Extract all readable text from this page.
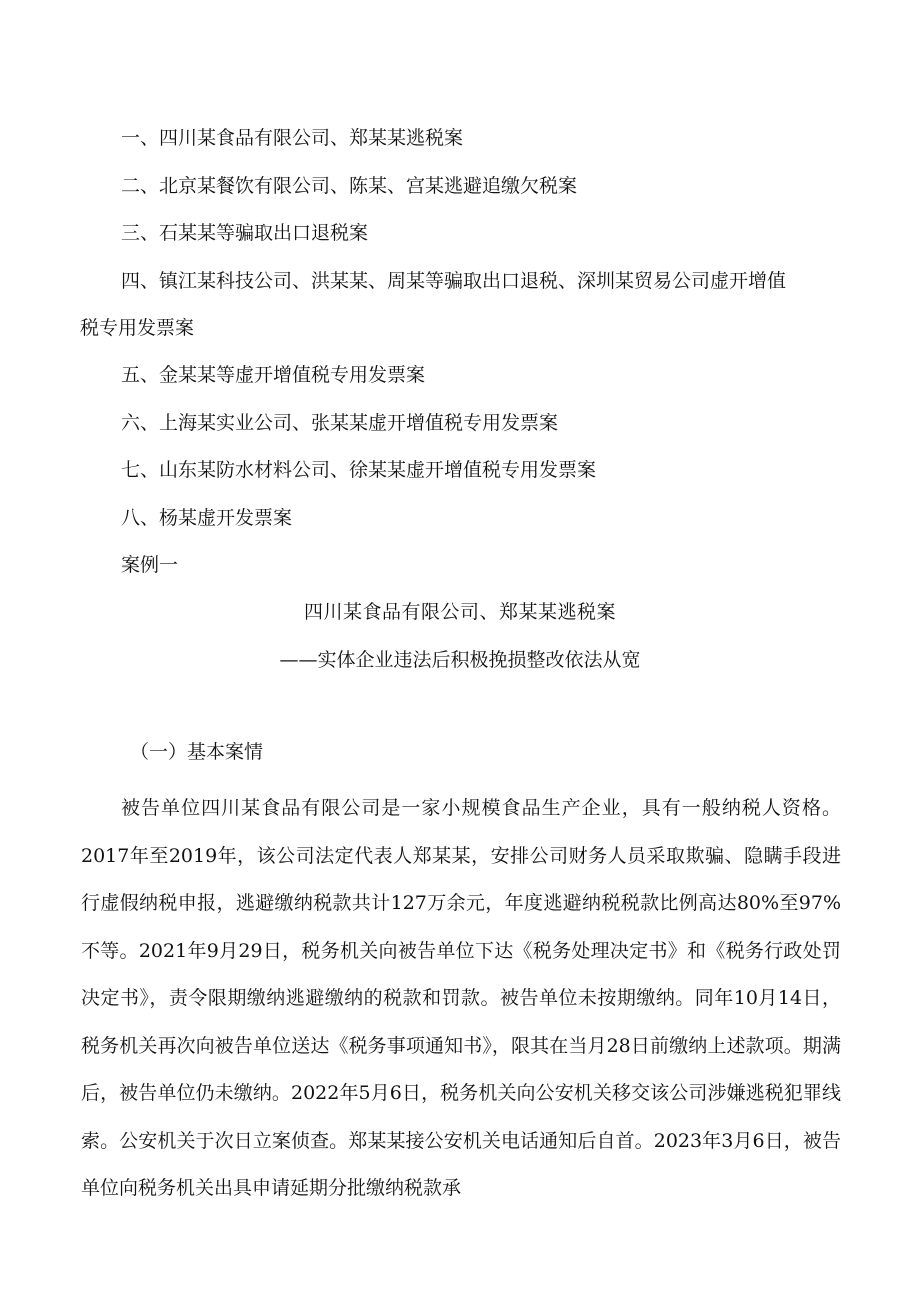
一、四川某食品有限公司、郑某某逃税案
二、北京某餐饮有限公司、陈某、宫某逃避追缴欠税案
三、石某某等骗取出口退税案
四、镇江某科技公司、洪某某、周某等骗取出口退税、深圳某贸易公司虚开增值
税专用发票案
五、金某某等虚开增值税专用发票案
六、上海某实业公司、张某某虚开增值税专用发票案
七、山东某防水材料公司、徐某某虚开增值税专用发票案
八、杨某虚开发票案
案例一
四川某食品有限公司、郑某某逃税案
——实体企业违法后积极挽损整改依法从宽
（一）基本案情

被告单位四川某食品有限公司是一家小规模食品生产企业，具有一般纳税人资格。2017年至2019年，该公司法定代表人郑某某，安排公司财务人员采取欺骗、隐瞒手段进行虚假纳税申报，逃避缴纳税款共计127万余元，年度逃避纳税税款比例高达80%至97%不等。2021年9月29日，税务机关向被告单位下达《税务处理决定书》和《税务行政处罚决定书》，责令限期缴纳逃避缴纳的税款和罚款。被告单位未按期缴纳。同年10月14日，税务机关再次向被告单位送达《税务事项通知书》，限其在当月28日前缴纳上述款项。期满后，被告单位仍未缴纳。2022年5月6日，税务机关向公安机关移交该公司涉嫌逃税犯罪线索。公安机关于次日立案侦查。郑某某接公安机关电话通知后自首。2023年3月6日，被告单位向税务机关出具申请延期分批缴纳税款承
